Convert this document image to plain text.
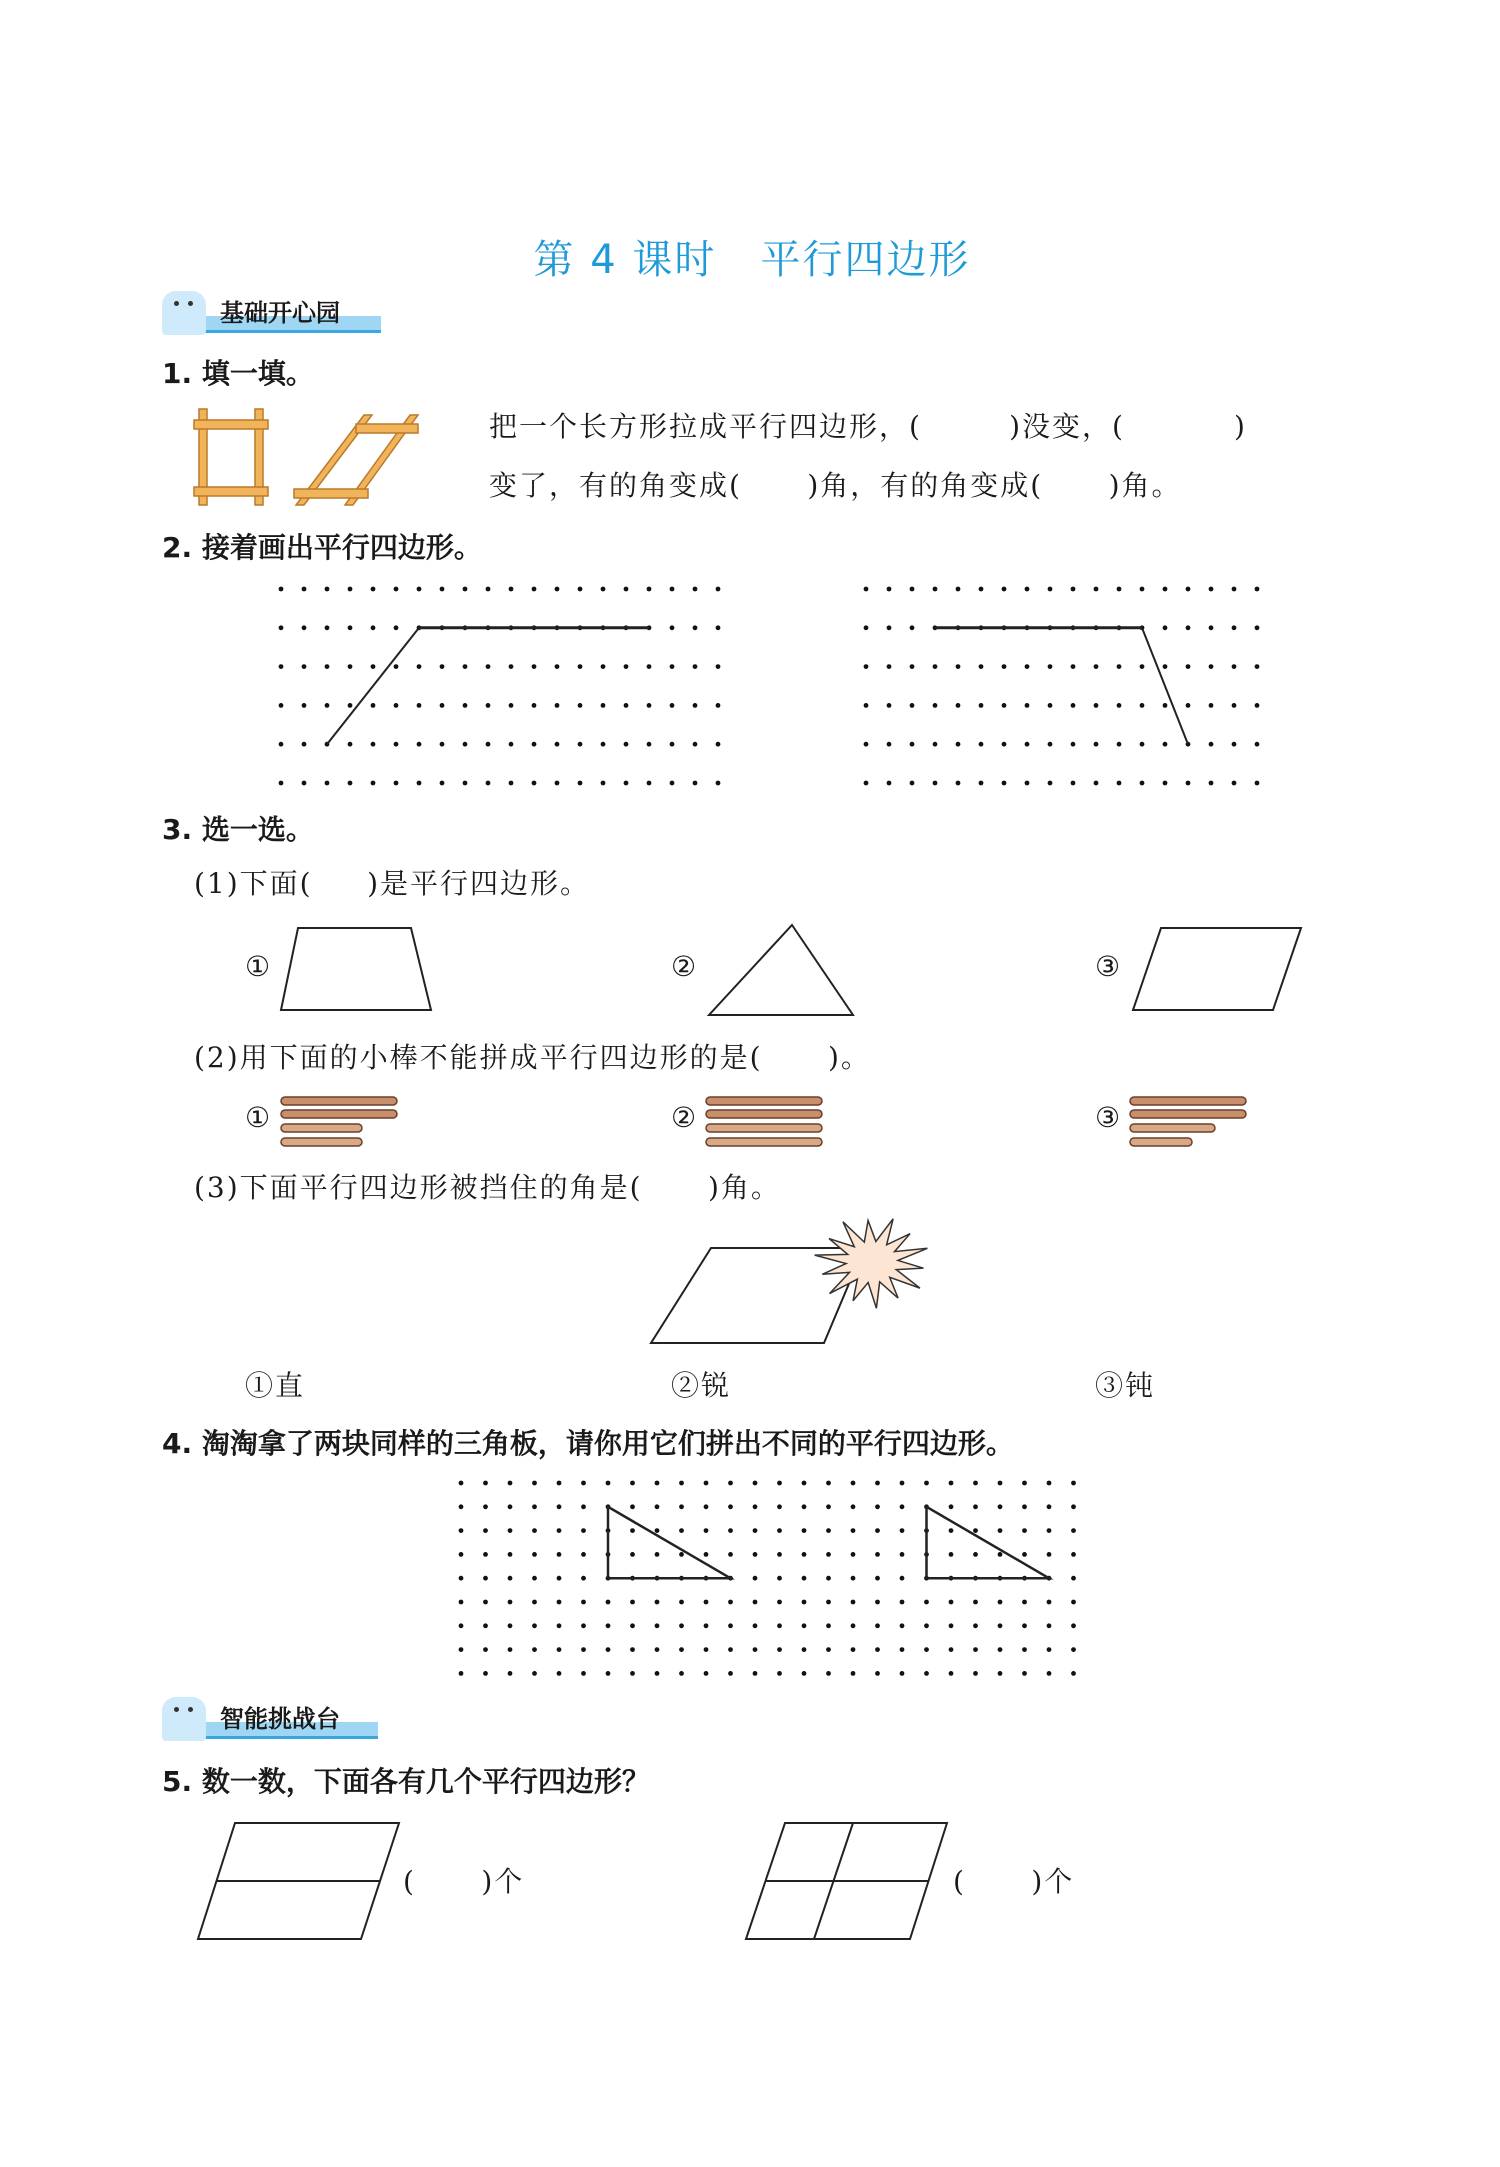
第 4 课时   平行四边形
基础开心园
1. 填一填。
把一个长方形拉成平行四边形，(        )没变，(          )
变了，有的角变成(      )角，有的角变成(      )角。
2. 接着画出平行四边形。
3. 选一选。
(1)下面(     )是平行四边形。
①	②	③
(2)用下面的小棒不能拼成平行四边形的是(      )。
①	②	③
(3)下面平行四边形被挡住的角是(      )角。
①直	②锐	③钝
4. 淘淘拿了两块同样的三角板，请你用它们拼出不同的平行四边形。
智能挑战台
5. 数一数，下面各有几个平行四边形？
(      )个	(      )个
